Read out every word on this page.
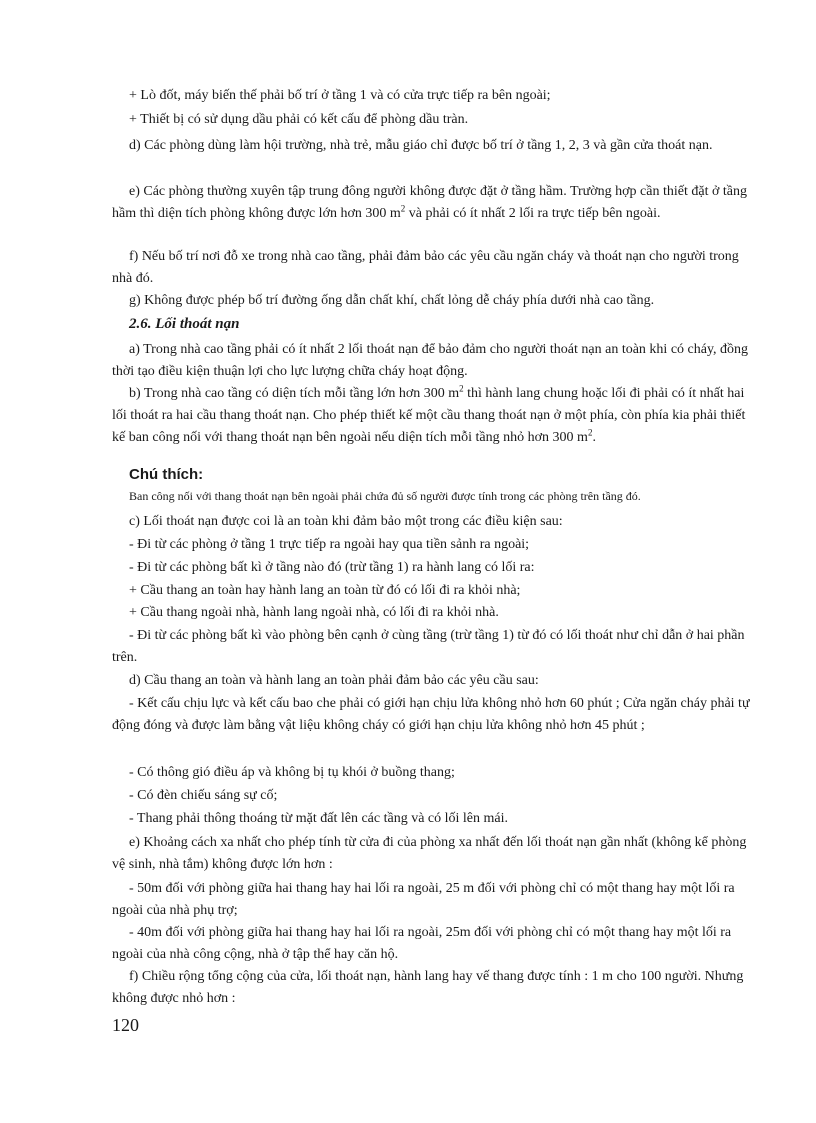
+ Lò đốt, máy biến thế phải bố trí ở tầng 1 và có cửa trực tiếp ra bên ngoài;

+ Thiết bị có sử dụng dầu phải có kết cấu để phòng dầu tràn.

d) Các phòng dùng làm hội trường, nhà trẻ, mẫu giáo chỉ được bố trí ở tầng 1, 2, 3 và gần cửa thoát nạn.

e) Các phòng thường xuyên tập trung đông người không được đặt ở tầng hầm. Trường hợp cần thiết đặt ở tầng hầm thì diện tích phòng không được lớn hơn 300 $m^2$ và phải có ít nhất 2 lối ra trực tiếp bên ngoài.

f) Nếu bố trí nơi đỗ xe trong nhà cao tầng, phải đảm bảo các yêu cầu ngăn cháy và thoát nạn cho người trong nhà đó.

g) Không được phép bố trí đường ống dẫn chất khí, chất lỏng dễ cháy phía dưới nhà cao tầng.

2.6. Lối thoát nạn

a) Trong nhà cao tầng phải có ít nhất 2 lối thoát nạn để bảo đảm cho người thoát nạn an toàn khi có cháy, đồng thời tạo điều kiện thuận lợi cho lực lượng chữa cháy hoạt động.

b) Trong nhà cao tầng có diện tích mỗi tầng lớn hơn 300 $m^2$ thì hành lang chung hoặc lối đi phải có ít nhất hai lối thoát ra hai cầu thang thoát nạn. Cho phép thiết kế một cầu thang thoát nạn ở một phía, còn phía kia phải thiết kế ban công nối với thang thoát nạn bên ngoài nếu diện tích mỗi tầng nhỏ hơn 300 $m^2$.

Chú thích:

Ban công nối với thang thoát nạn bên ngoài phải chứa đủ số người được tính trong các phòng trên tầng đó.

c) Lối thoát nạn được coi là an toàn khi đảm bảo một trong các điều kiện sau:

- Đi từ các phòng ở tầng 1 trực tiếp ra ngoài hay qua tiền sảnh ra ngoài;

- Đi từ các phòng bất kì ở tầng nào đó (trừ tầng 1) ra hành lang có lối ra:

+ Cầu thang an toàn hay hành lang an toàn từ đó có lối đi ra khỏi nhà;

+ Cầu thang ngoài nhà, hành lang ngoài nhà, có lối đi ra khỏi nhà.

- Đi từ các phòng bất kì vào phòng bên cạnh ở cùng tầng (trừ tầng 1) từ đó có lối thoát như chỉ dẫn ở hai phần trên.

d) Cầu thang an toàn và hành lang an toàn phải đảm bảo các yêu cầu sau:

- Kết cấu chịu lực và kết cấu bao che phải có giới hạn chịu lửa không nhỏ hơn 60 phút ; Cửa ngăn cháy phải tự động đóng và được làm bằng vật liệu không cháy có giới hạn chịu lửa không nhỏ hơn 45 phút ;

- Có thông gió điều áp và không bị tụ khói ở buồng thang;

- Có đèn chiếu sáng sự cố;

- Thang phải thông thoáng từ mặt đất lên các tầng và có lối lên mái.

e) Khoảng cách xa nhất cho phép tính từ cửa đi của phòng xa nhất đến lối thoát nạn gần nhất (không kể phòng vệ sinh, nhà tắm) không được lớn hơn :

- 50m đối với phòng giữa hai thang hay hai lối ra ngoài, 25 m đối với phòng chỉ có một thang hay một lối ra ngoài của nhà phụ trợ;

- 40m đối với phòng giữa hai thang hay hai lối ra ngoài, 25m đối với phòng chỉ có một thang hay một lối ra ngoài của nhà công cộng, nhà ở tập thể hay căn hộ.

f) Chiều rộng tổng cộng của cửa, lối thoát nạn, hành lang hay vế thang được tính : 1 m cho 100 người. Nhưng không được nhỏ hơn :

120
